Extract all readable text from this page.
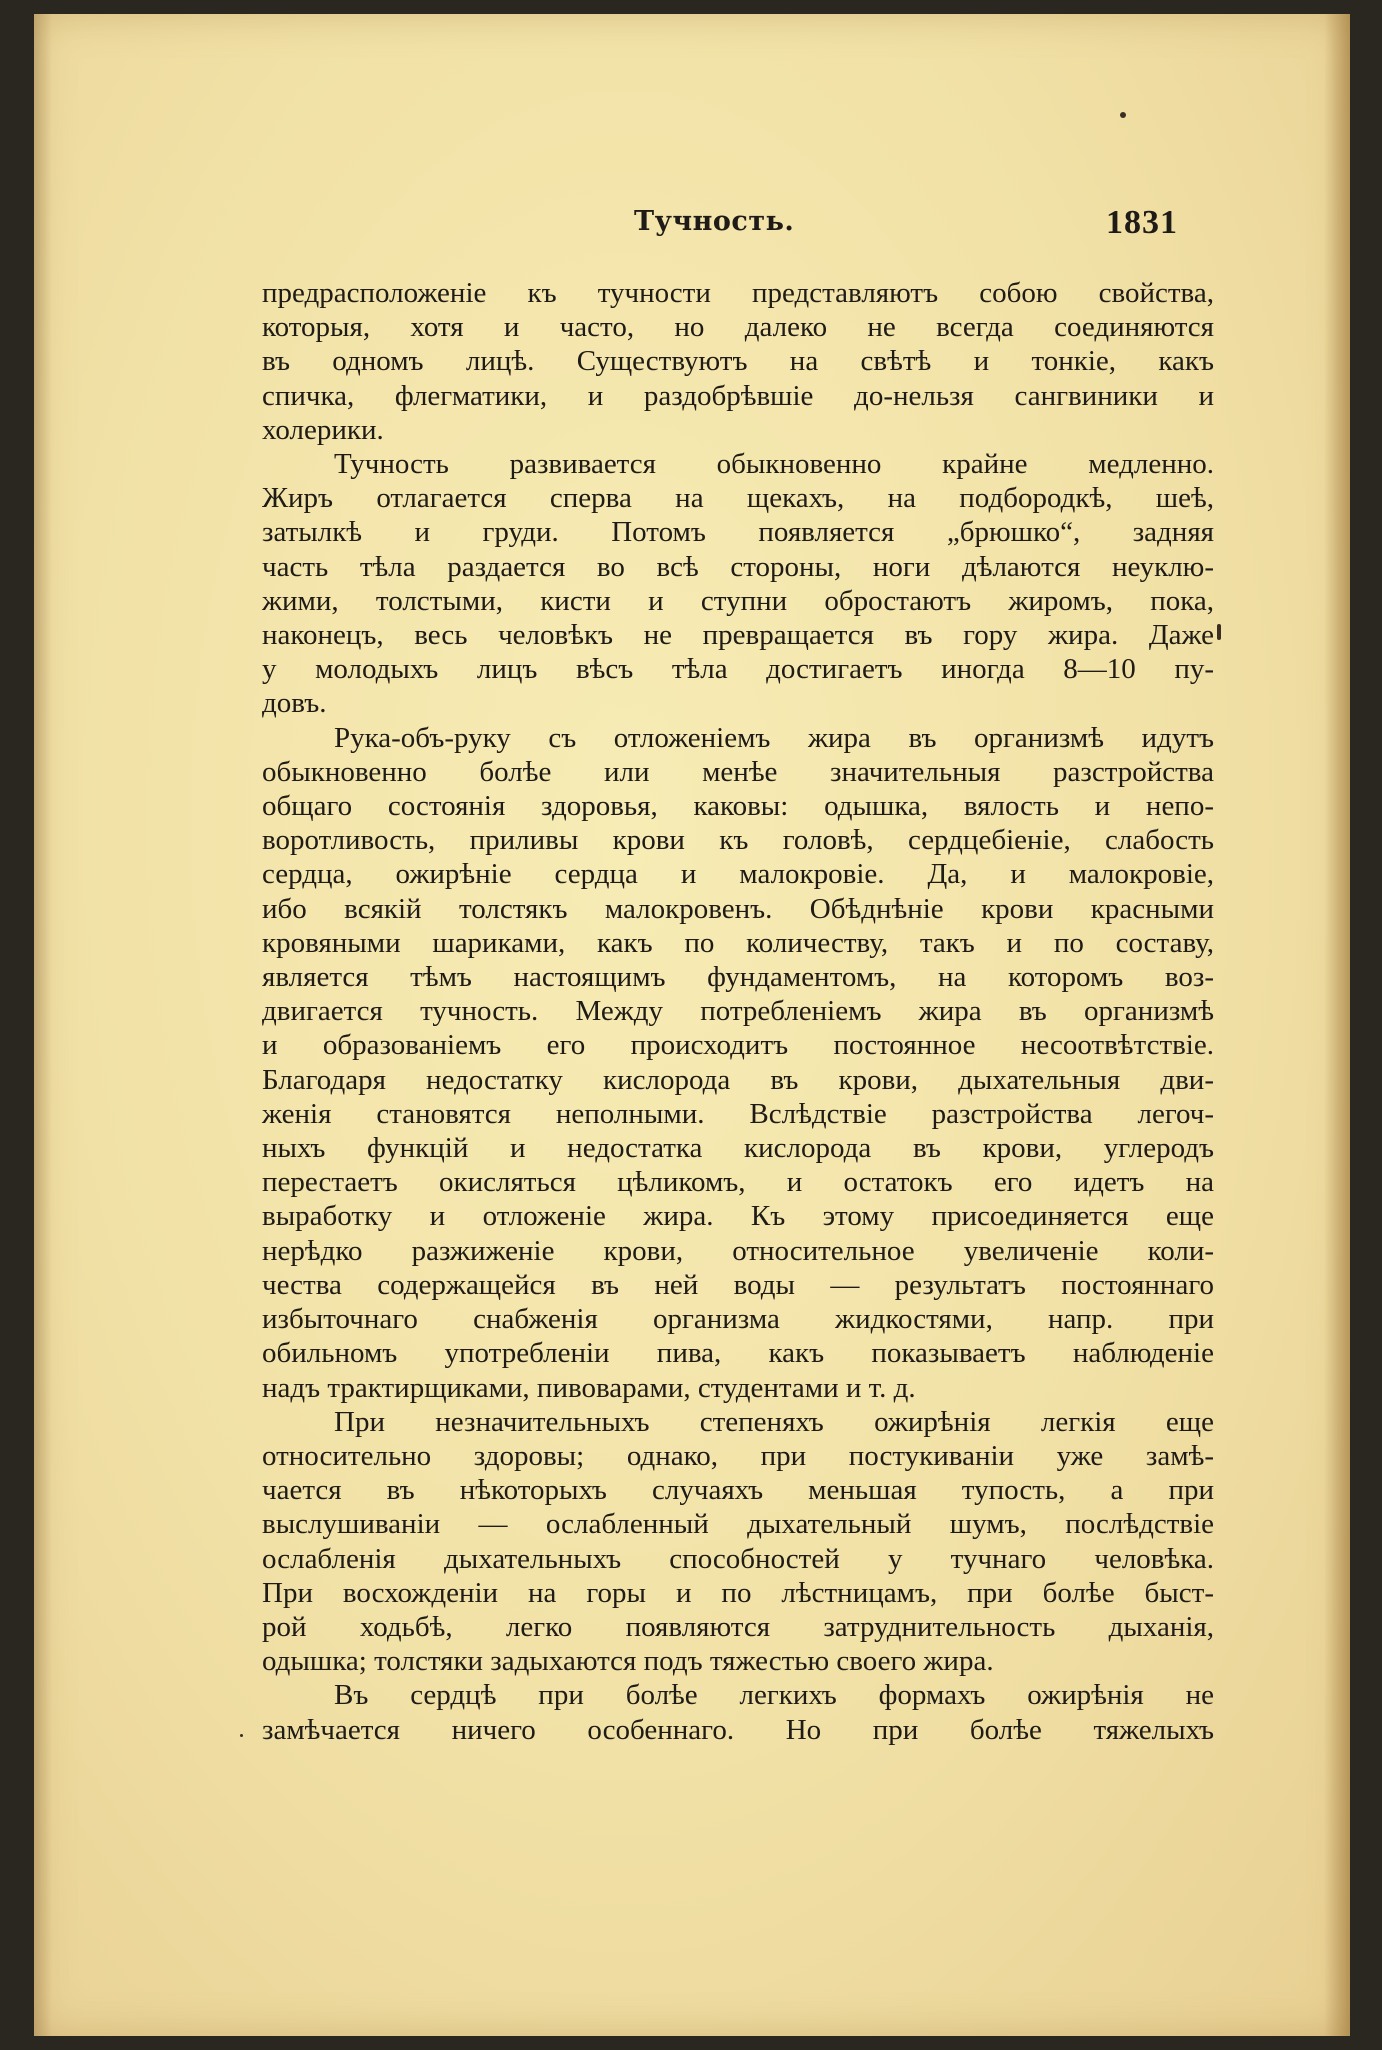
Тучность.	1831
предрасположеніе къ тучности представляютъ собою свойства,
которыя, хотя и часто, но далеко не всегда соединяются
въ одномъ лицѣ. Существуютъ на свѣтѣ и тонкіе, какъ
спичка, флегматики, и раздобрѣвшіе до-нельзя сангвиники и
холерики.
Тучность развивается обыкновенно крайне медленно.
Жиръ отлагается сперва на щекахъ, на подбородкѣ, шеѣ,
затылкѣ и груди. Потомъ появляется „брюшко“, задняя
часть тѣла раздается во всѣ стороны, ноги дѣлаются неуклю-
жими, толстыми, кисти и ступни обростаютъ жиромъ, пока,
наконецъ, весь человѣкъ не превращается въ гору жира. Даже
у молодыхъ лицъ вѣсъ тѣла достигаетъ иногда 8—10 пу-
довъ.
Рука-объ-руку съ отложеніемъ жира въ организмѣ идутъ
обыкновенно болѣе или менѣе значительныя разстройства
общаго состоянія здоровья, каковы: одышка, вялость и непо-
воротливость, приливы крови къ головѣ, сердцебіеніе, слабость
сердца, ожирѣніе сердца и малокровіе. Да, и малокровіе,
ибо всякій толстякъ малокровенъ. Обѣднѣніе крови красными
кровяными шариками, какъ по количеству, такъ и по составу,
является тѣмъ настоящимъ фундаментомъ, на которомъ воз-
двигается тучность. Между потребленіемъ жира въ организмѣ
и образованіемъ его происходитъ постоянное несоотвѣтствіе.
Благодаря недостатку кислорода въ крови, дыхательныя дви-
женія становятся неполными. Вслѣдствіе разстройства легоч-
ныхъ функцій и недостатка кислорода въ крови, углеродъ
перестаетъ окисляться цѣликомъ, и остатокъ его идетъ на
выработку и отложеніе жира. Къ этому присоединяется еще
нерѣдко разжиженіе крови, относительное увеличеніе коли-
чества содержащейся въ ней воды — результатъ постояннаго
избыточнаго снабженія организма жидкостями, напр. при
обильномъ употребленіи пива, какъ показываетъ наблюденіе
надъ трактирщиками, пивоварами, студентами и т. д.
При незначительныхъ степеняхъ ожирѣнія легкія еще
относительно здоровы; однако, при постукиваніи уже замѣ-
чается въ нѣкоторыхъ случаяхъ меньшая тупость, а при
выслушиваніи — ослабленный дыхательный шумъ, послѣдствіе
ослабленія дыхательныхъ способностей у тучнаго человѣка.
При восхожденіи на горы и по лѣстницамъ, при болѣе быст-
рой ходьбѣ, легко появляются затруднительность дыханія,
одышка; толстяки задыхаются подъ тяжестью своего жира.
Въ сердцѣ при болѣе легкихъ формахъ ожирѣнія не
замѣчается ничего особеннаго. Но при болѣе тяжелыхъ
